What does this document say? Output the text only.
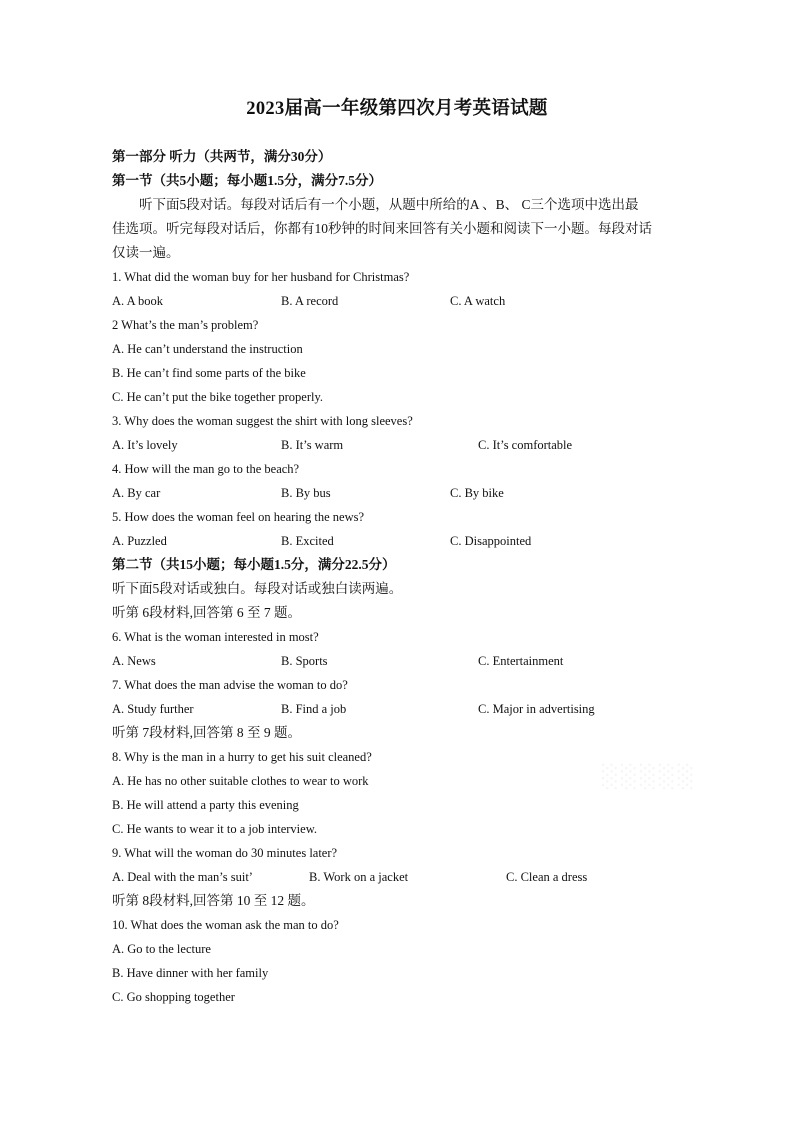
2023届高一年级第四次月考英语试题
第一部分 听力（共两节，满分30分）
第一节（共5小题；每小题1.5分，满分7.5分）
听下面5段对话。每段对话后有一个小题，从题中所给的A 、B、 C三个选项中选出最
佳选项。听完每段对话后，你都有10秒钟的时间来回答有关小题和阅读下一小题。每段对话
仅读一遍。
1. What did the woman buy for her husband for Christmas?
A. A book	B. A record	C. A watch
2 What’s the man’s problem?
A. He can’t understand the instruction
B. He can’t find some parts of the bike
C. He can’t put the bike together properly.
3. Why does the woman suggest the shirt with long sleeves?
A. It’s lovely	B. It’s warm	C. It’s comfortable
4. How will the man go to the beach?
A. By car	B. By bus	C. By bike
5. How does the woman feel on hearing the news?
A. Puzzled	B. Excited	C. Disappointed
第二节（共15小题；每小题1.5分，满分22.5分）
听下面5段对话或独白。每段对话或独白读两遍。
听第 6段材料,回答第 6 至 7 题。
6. What is the woman interested in most?
A. News	B. Sports	C. Entertainment
7. What does the man advise the woman to do?
A. Study further	B. Find a job	C. Major in advertising
听第 7段材料,回答第 8 至 9 题。
8. Why is the man in a hurry to get his suit cleaned?
A. He has no other suitable clothes to wear to work
B. He will attend a party this evening
C. He wants to wear it to a job interview.
9. What will the woman do 30 minutes later?
A. Deal with the man’s suit’	B. Work on a jacket	C. Clean a dress
听第 8段材料,回答第 10 至 12 题。
10. What does the woman ask the man to do?
A. Go to the lecture
B. Have dinner with her family
C. Go shopping together
